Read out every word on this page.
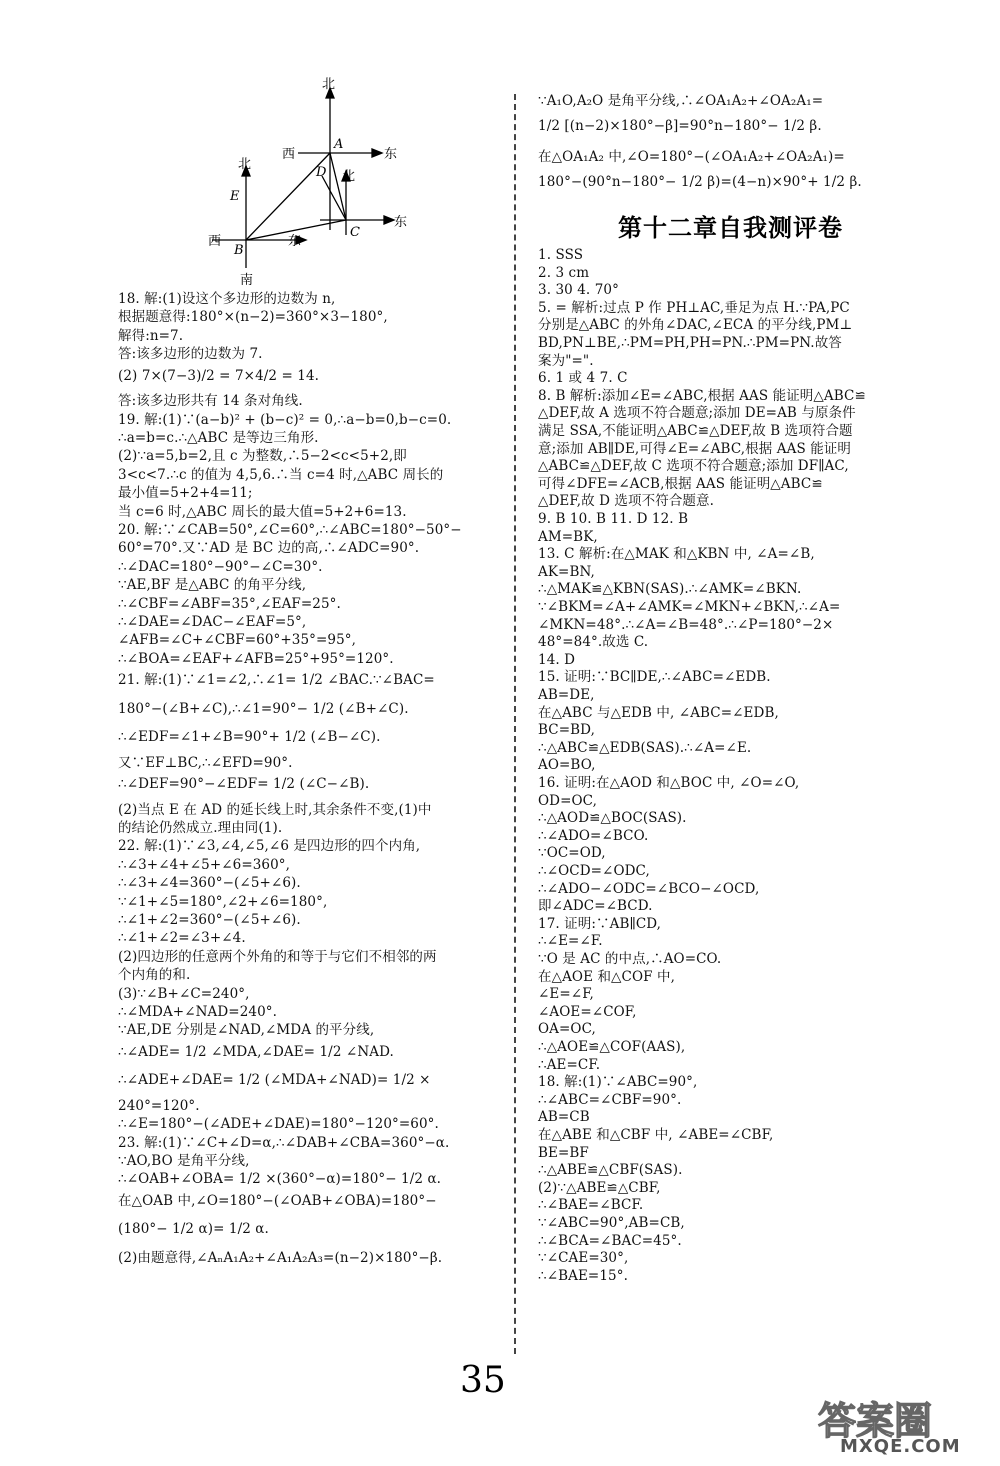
北
西	东
A
D 北
北
E
西
B
东
C
东
南
18. 解:(1)设这个多边形的边数为 n,
根据题意得:180°×(n−2)=360°×3−180°,
解得:n=7.
答:该多边形的边数为 7.
(2) 7×(7−3)/2 = 7×4/2 = 14.
答:该多边形共有 14 条对角线.
19. 解:(1)∵(a−b)² + (b−c)² = 0,∴a−b=0,b−c=0.
∴a=b=c.∴△ABC 是等边三角形.
(2)∵a=5,b=2,且 c 为整数,∴5−2<c<5+2,即
3<c<7.∴c 的值为 4,5,6.∴当 c=4 时,△ABC 周长的
最小值=5+2+4=11;
当 c=6 时,△ABC 周长的最大值=5+2+6=13.
20. 解:∵∠CAB=50°,∠C=60°,∴∠ABC=180°−50°−
60°=70°.又∵AD 是 BC 边的高,∴∠ADC=90°.
∴∠DAC=180°−90°−∠C=30°.
∵AE,BF 是△ABC 的角平分线,
∴∠CBF=∠ABF=35°,∠EAF=25°.
∴∠DAE=∠DAC−∠EAF=5°,
∠AFB=∠C+∠CBF=60°+35°=95°,
∴∠BOA=∠EAF+∠AFB=25°+95°=120°.
21. 解:(1)∵∠1=∠2,∴∠1= 1/2 ∠BAC.∵∠BAC=
180°−(∠B+∠C),∴∠1=90°− 1/2 (∠B+∠C).
∴∠EDF=∠1+∠B=90°+ 1/2 (∠B−∠C).
又∵EF⊥BC,∴∠EFD=90°.
∴∠DEF=90°−∠EDF= 1/2 (∠C−∠B).
(2)当点 E 在 AD 的延长线上时,其余条件不变,(1)中
的结论仍然成立.理由同(1).
22. 解:(1)∵∠3,∠4,∠5,∠6 是四边形的四个内角,
∴∠3+∠4+∠5+∠6=360°,
∴∠3+∠4=360°−(∠5+∠6).
∵∠1+∠5=180°,∠2+∠6=180°,
∴∠1+∠2=360°−(∠5+∠6).
∴∠1+∠2=∠3+∠4.
(2)四边形的任意两个外角的和等于与它们不相邻的两
个内角的和.
(3)∵∠B+∠C=240°,
∴∠MDA+∠NAD=240°.
∵AE,DE 分别是∠NAD,∠MDA 的平分线,
∴∠ADE= 1/2 ∠MDA,∠DAE= 1/2 ∠NAD.
∴∠ADE+∠DAE= 1/2 (∠MDA+∠NAD)= 1/2 ×
240°=120°.
∴∠E=180°−(∠ADE+∠DAE)=180°−120°=60°.
23. 解:(1)∵∠C+∠D=α,∴∠DAB+∠CBA=360°−α.
∵AO,BO 是角平分线,
∴∠OAB+∠OBA= 1/2 ×(360°−α)=180°− 1/2 α.
在△OAB 中,∠O=180°−(∠OAB+∠OBA)=180°−
(180°− 1/2 α)= 1/2 α.
(2)由题意得,∠AₙA₁A₂+∠A₁A₂A₃=(n−2)×180°−β.
∵A₁O,A₂O 是角平分线,∴∠OA₁A₂+∠OA₂A₁=
1/2 [(n−2)×180°−β]=90°n−180°− 1/2 β.
在△OA₁A₂ 中,∠O=180°−(∠OA₁A₂+∠OA₂A₁)=
180°−(90°n−180°− 1/2 β)=(4−n)×90°+ 1/2 β.
第十二章自我测评卷
1. SSS
2. 3 cm
3. 30 4. 70°
5. = 解析:过点 P 作 PH⊥AC,垂足为点 H.∵PA,PC
分别是△ABC 的外角∠DAC,∠ECA 的平分线,PM⊥
BD,PN⊥BE,∴PM=PH,PH=PN.∴PM=PN.故答
案为"=".
6. 1 或 4 7. C
8. B 解析:添加∠E=∠ABC,根据 AAS 能证明△ABC≌
△DEF,故 A 选项不符合题意;添加 DE=AB 与原条件
满足 SSA,不能证明△ABC≌△DEF,故 B 选项符合题
意;添加 AB∥DE,可得∠E=∠ABC,根据 AAS 能证明
△ABC≌△DEF,故 C 选项不符合题意;添加 DF∥AC,
可得∠DFE=∠ACB,根据 AAS 能证明△ABC≌
△DEF,故 D 选项不符合题意.
9. B 10. B 11. D 12. B
AM=BK,
13. C 解析:在△MAK 和△KBN 中, ∠A=∠B,
AK=BN,
∴△MAK≌△KBN(SAS).∴∠AMK=∠BKN.
∵∠BKM=∠A+∠AMK=∠MKN+∠BKN,∴∠A=
∠MKN=48°.∴∠A=∠B=48°.∴∠P=180°−2×
48°=84°.故选 C.
14. D
15. 证明:∵BC∥DE,∴∠ABC=∠EDB.
AB=DE,
在△ABC 与△EDB 中, ∠ABC=∠EDB,
BC=BD,
∴△ABC≌△EDB(SAS).∴∠A=∠E.
AO=BO,
16. 证明:在△AOD 和△BOC 中, ∠O=∠O,
OD=OC,
∴△AOD≌△BOC(SAS).
∴∠ADO=∠BCO.
∵OC=OD,
∴∠OCD=∠ODC,
∴∠ADO−∠ODC=∠BCO−∠OCD,
即∠ADC=∠BCD.
17. 证明:∵AB∥CD,
∴∠E=∠F.
∵O 是 AC 的中点,∴AO=CO.
在△AOE 和△COF 中,
∠E=∠F,
∠AOE=∠COF,
OA=OC,
∴△AOE≌△COF(AAS),
∴AE=CF.
18. 解:(1)∵∠ABC=90°,
∴∠ABC=∠CBF=90°.
AB=CB
在△ABE 和△CBF 中, ∠ABE=∠CBF,
BE=BF
∴△ABE≌△CBF(SAS).
(2)∵△ABE≌△CBF,
∴∠BAE=∠BCF.
∵∠ABC=90°,AB=CB,
∴∠BCA=∠BAC=45°.
∵∠CAE=30°,
∴∠BAE=15°.
35
答案圈
MXQE.COM
